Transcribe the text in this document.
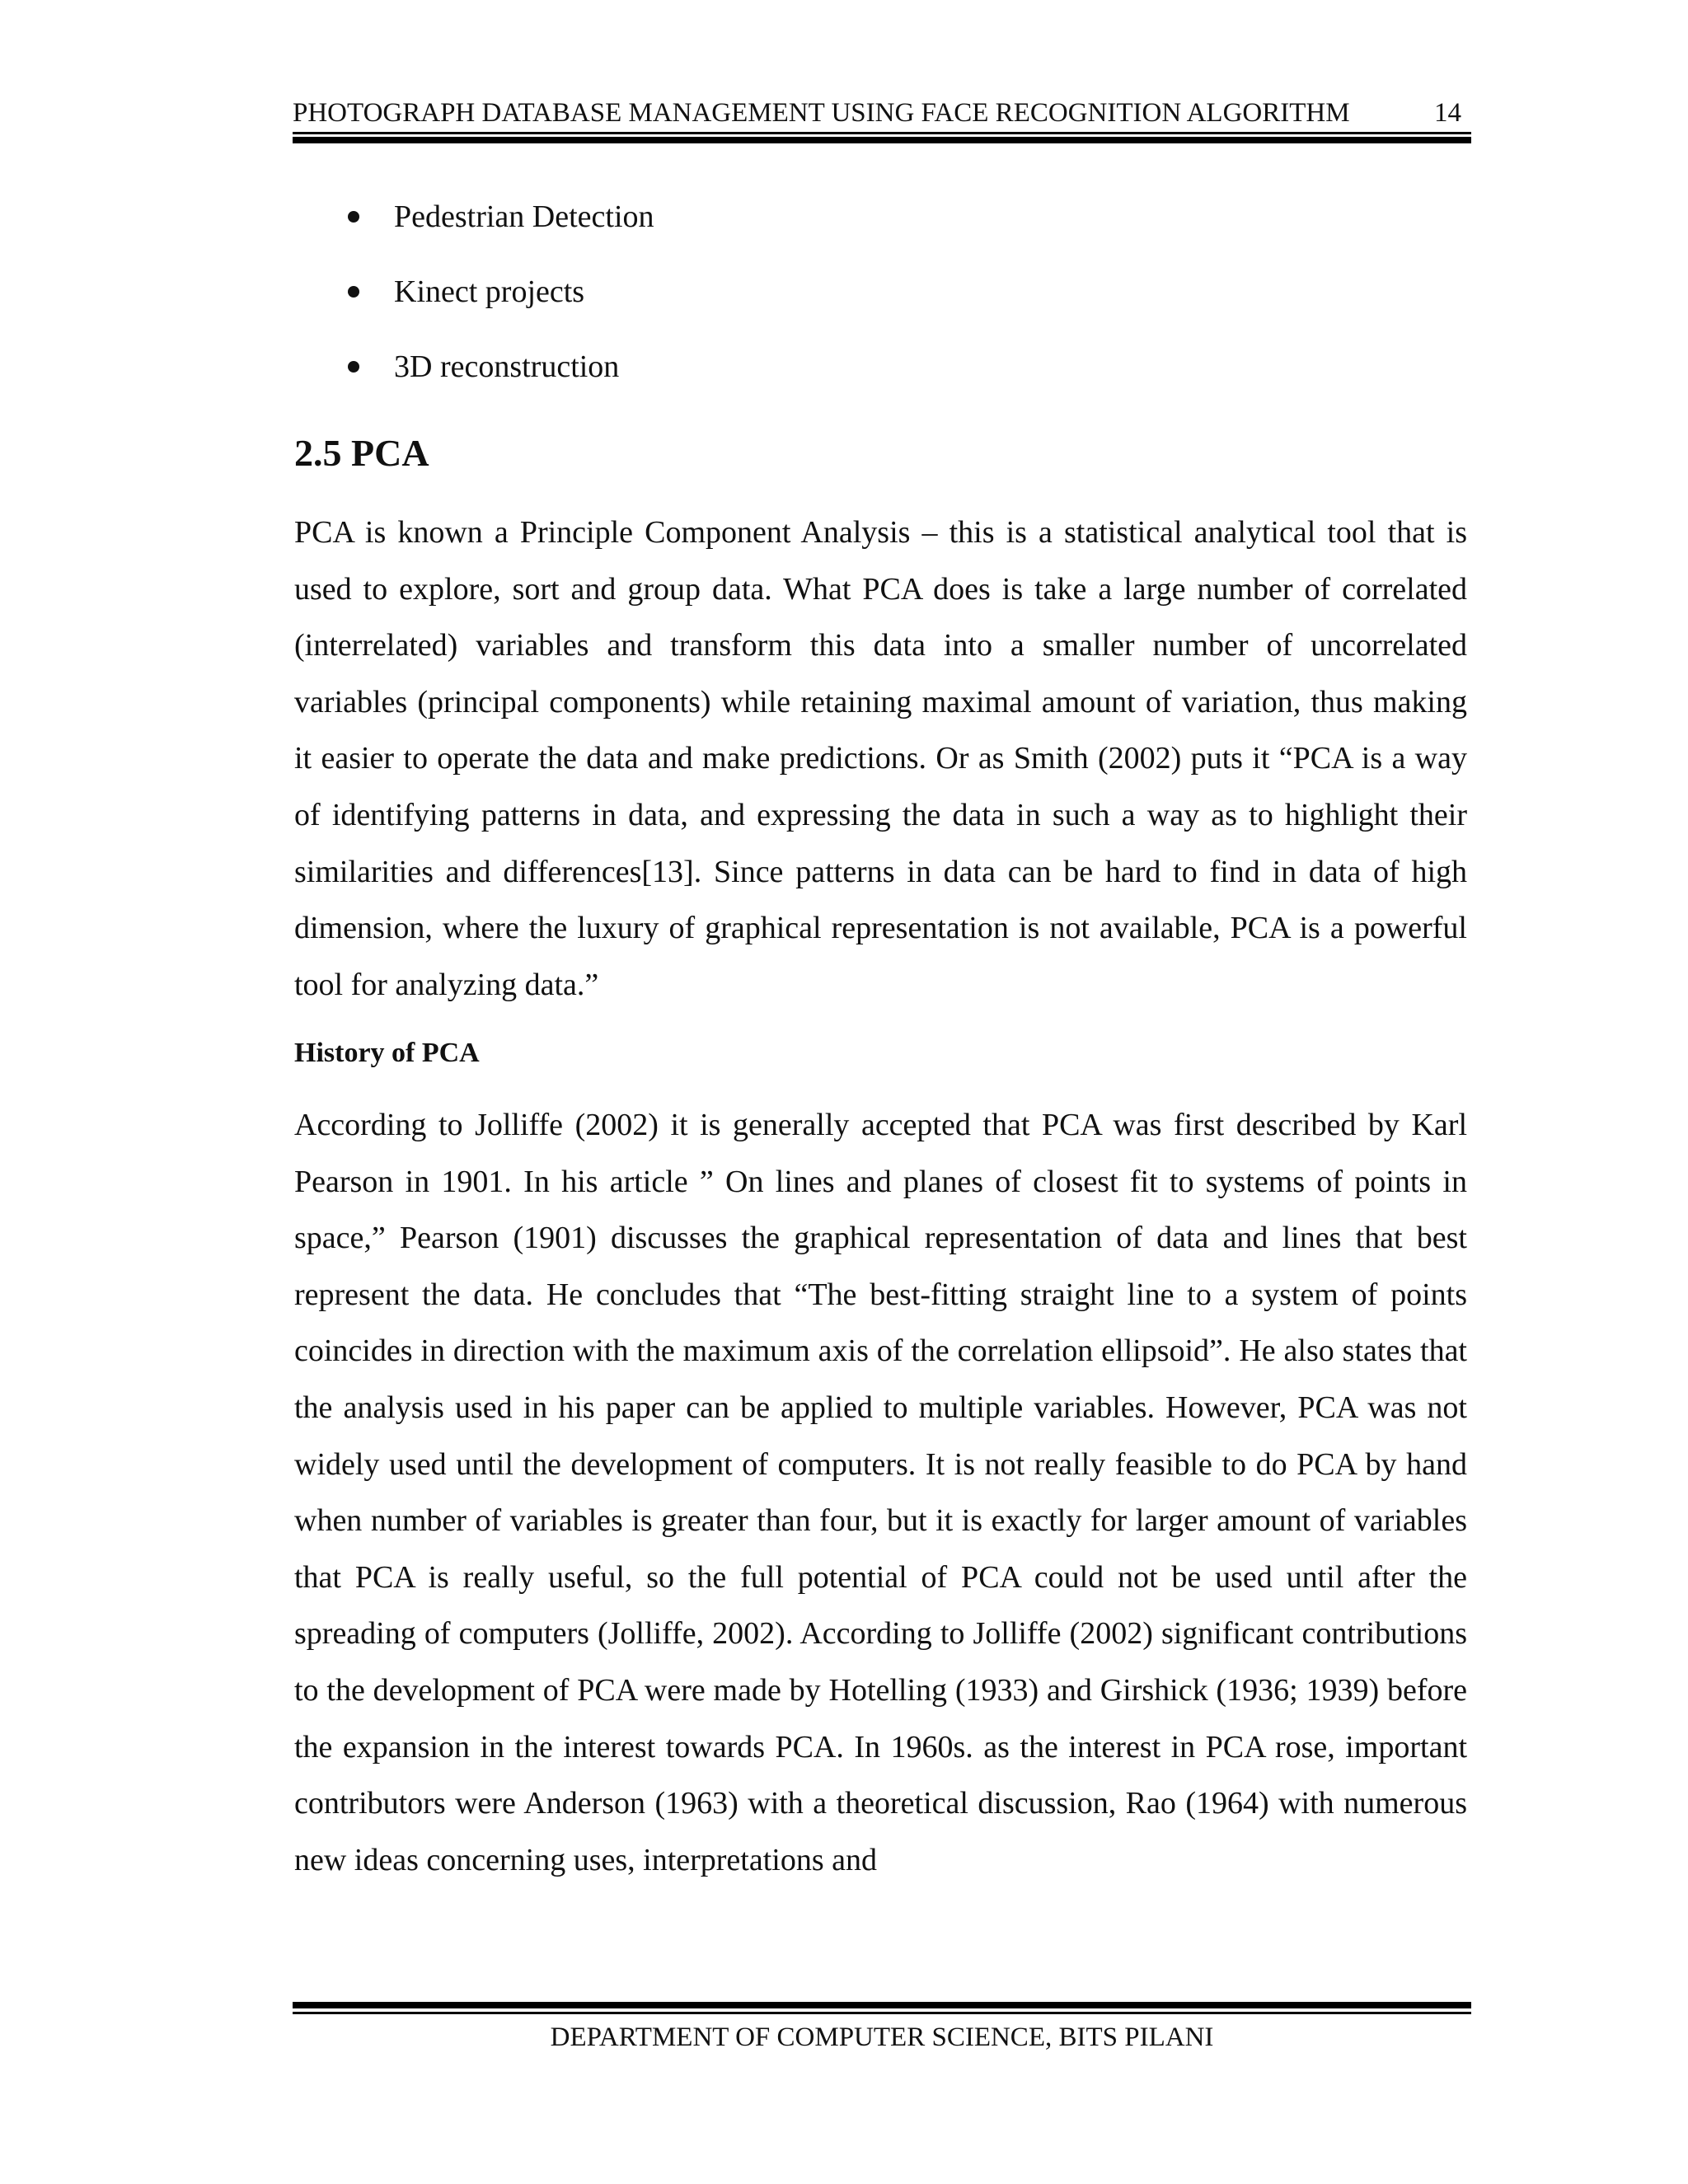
PHOTOGRAPH DATABASE MANAGEMENT USING FACE RECOGNITION ALGORITHM	14
Pedestrian Detection
Kinect projects
3D reconstruction
2.5 PCA

PCA is known a Principle Component Analysis – this is a statistical analytical tool that is used to explore, sort and group data. What PCA does is take a large number of correlated (interrelated) variables and transform this data into a smaller number of uncorrelated variables (principal components) while retaining maximal amount of variation, thus making it easier to operate the data and make predictions. Or as Smith (2002) puts it “PCA is a way of identifying patterns in data, and expressing the data in such a way as to highlight their similarities and differences[13]. Since patterns in data can be hard to find in data of high dimension, where the luxury of graphical representation is not available, PCA is a powerful tool for analyzing data.”

History of PCA

According to Jolliffe (2002) it is generally accepted that PCA was first described by Karl Pearson in 1901. In his article ” On lines and planes of closest fit to systems of points in space,” Pearson (1901) discusses the graphical representation of data and lines that best represent the data. He concludes that “The best-fitting straight line to a system of points coincides in direction with the maximum axis of the correlation ellipsoid”. He also states that the analysis used in his paper can be applied to multiple variables. However, PCA was not widely used until the development of computers. It is not really feasible to do PCA by hand when number of variables is greater than four, but it is exactly for larger amount of variables that PCA is really useful, so the full potential of PCA could not be used until after the spreading of computers (Jolliffe, 2002). According to Jolliffe (2002) significant contributions to the development of PCA were made by Hotelling (1933) and Girshick (1936; 1939) before the expansion in the interest towards PCA. In 1960s. as the interest in PCA rose, important contributors were Anderson (1963) with a theoretical discussion, Rao (1964) with numerous new ideas concerning uses, interpretations and

DEPARTMENT OF COMPUTER SCIENCE, BITS PILANI
